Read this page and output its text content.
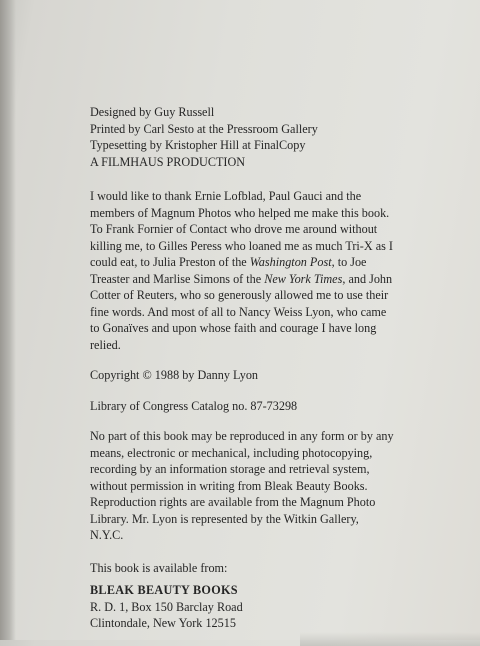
Designed by Guy Russell
Printed by Carl Sesto at the Pressroom Gallery
Typesetting by Kristopher Hill at FinalCopy
A FILMHAUS PRODUCTION
I would like to thank Ernie Lofblad, Paul Gauci and the
members of Magnum Photos who helped me make this book.
To Frank Fornier of Contact who drove me around without
killing me, to Gilles Peress who loaned me as much Tri-X as I
could eat, to Julia Preston of the Washington Post, to Joe
Treaster and Marlise Simons of the New York Times, and John
Cotter of Reuters, who so generously allowed me to use their
fine words. And most of all to Nancy Weiss Lyon, who came
to Gonaïves and upon whose faith and courage I have long
relied.
Copyright © 1988 by Danny Lyon
Library of Congress Catalog no. 87-73298
No part of this book may be reproduced in any form or by any
means, electronic or mechanical, including photocopying,
recording by an information storage and retrieval system,
without permission in writing from Bleak Beauty Books.
Reproduction rights are available from the Magnum Photo
Library. Mr. Lyon is represented by the Witkin Gallery,
N.Y.C.
This book is available from:
BLEAK BEAUTY BOOKS
R. D. 1, Box 150 Barclay Road
Clintondale, New York 12515
